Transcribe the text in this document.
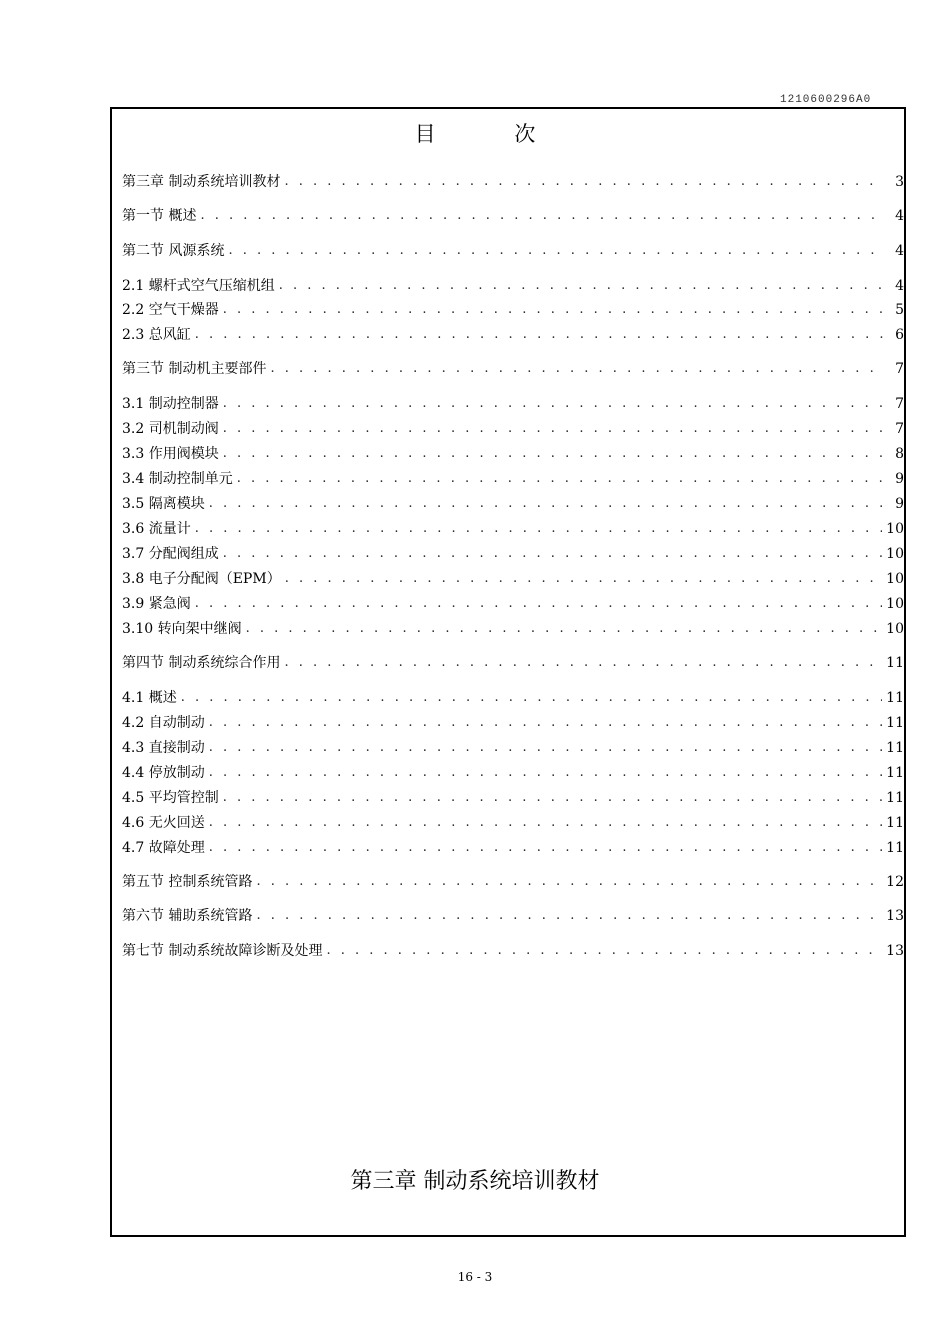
1210600296A0
目 次
第三章 制动系统培训教材 . . .	3
第一节 概述 . . .	4
第二节 风源系统 . . .	4
2.1 螺杆式空气压缩机组 . . .	4
2.2 空气干燥器 . . .	5
2.3 总风缸 . . .	6
第三节 制动机主要部件 . . .	7
3.1 制动控制器 . . .	7
3.2 司机制动阀 . . .	7
3.3 作用阀模块 . . .	8
3.4 制动控制单元 . . .	9
3.5 隔离模块 . . .	9
3.6 流量计 . . .	10
3.7 分配阀组成 . . .	10
3.8 电子分配阀（EPM） . . .	10
3.9 紧急阀 . . .	10
3.10 转向架中继阀 . . .	10
第四节 制动系统综合作用 . . .	11
4.1 概述 . . .	11
4.2 自动制动 . . .	11
4.3 直接制动 . . .	11
4.4 停放制动 . . .	11
4.5 平均管控制 . . .	11
4.6 无火回送 . . .	11
4.7 故障处理 . . .	11
第五节 控制系统管路 . . .	12
第六节 辅助系统管路 . . .	13
第七节 制动系统故障诊断及处理 . . .	13
第三章 制动系统培训教材
16 - 3
